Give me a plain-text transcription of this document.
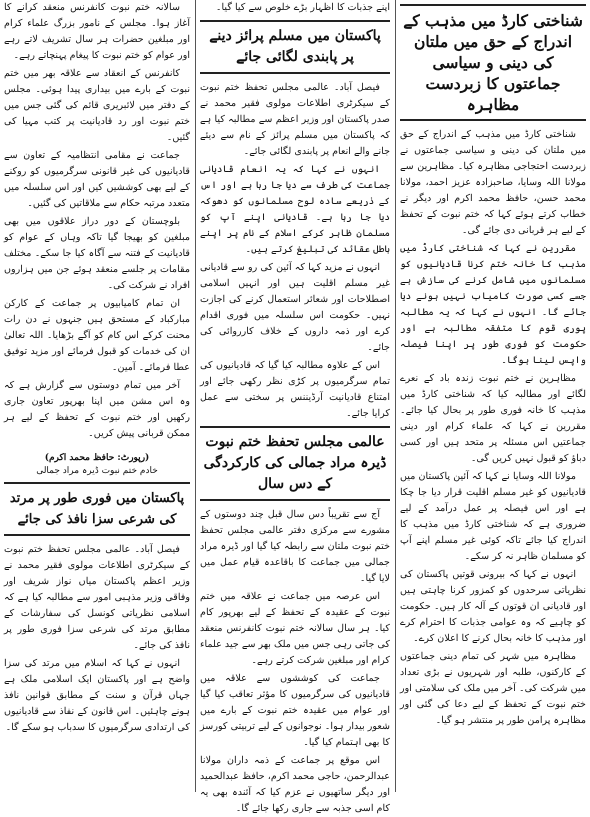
شناختی کارڈ میں مذہب کے اندراج کے حق میں ملتان کی دینی و سیاسی جماعتوں کا زبردست مظاہرہ

شناختی کارڈ میں مذہب کے اندراج کے حق میں ملتان کی دینی و سیاسی جماعتوں نے زبردست احتجاجی مظاہرہ کیا۔ مظاہرین سے مولانا اللہ وسایا، صاحبزادہ عزیز احمد، مولانا محمد حسن، حافظ محمد اکرم اور دیگر نے خطاب کرتے ہوئے کہا کہ ختم نبوت کے تحفظ کے لیے ہر قربانی دی جائے گی۔

مقررین نے کہا کہ شناختی کارڈ میں مذہب کا خانہ ختم کرنا قادیانیوں کو مسلمانوں میں شامل کرنے کی سازش ہے جسے کسی صورت کامیاب نہیں ہونے دیا جائے گا۔ انہوں نے کہا کہ یہ مطالبہ پوری قوم کا متفقہ مطالبہ ہے اور حکومت کو فوری طور پر اپنا فیصلہ واپس لینا ہوگا۔

مظاہرین نے ختم نبوت زندہ باد کے نعرے لگائے اور مطالبہ کیا کہ شناختی کارڈ میں مذہب کا خانہ فوری طور پر بحال کیا جائے۔ مقررین نے کہا کہ علماء کرام اور دینی جماعتیں اس مسئلہ پر متحد ہیں اور کسی دباؤ کو قبول نہیں کریں گی۔

مولانا اللہ وسایا نے کہا کہ آئین پاکستان میں قادیانیوں کو غیر مسلم اقلیت قرار دیا جا چکا ہے اور اس فیصلہ پر عمل درآمد کے لیے ضروری ہے کہ شناختی کارڈ میں مذہب کا اندراج کیا جائے تاکہ کوئی غیر مسلم اپنے آپ کو مسلمان ظاہر نہ کر سکے۔

انہوں نے کہا کہ بیرونی قوتیں پاکستان کی نظریاتی سرحدوں کو کمزور کرنا چاہتی ہیں اور قادیانی ان قوتوں کے آلہ کار ہیں۔ حکومت کو چاہیے کہ وہ عوامی جذبات کا احترام کرے اور مذہب کا خانہ بحال کرنے کا اعلان کرے۔

مظاہرہ میں شہر کی تمام دینی جماعتوں کے کارکنوں، طلبہ اور شہریوں نے بڑی تعداد میں شرکت کی۔ آخر میں ملک کی سلامتی اور ختم نبوت کے تحفظ کے لیے دعا کی گئی اور مظاہرہ پرامن طور پر منتشر ہو گیا۔

اپنے جذبات کا اظہار بڑے خلوص سے کیا گیا۔

پاکستان میں مسلم پرائز دینے پر پابندی لگائی جائے

فیصل آباد۔ عالمی مجلس تحفظ ختم نبوت کے سیکرٹری اطلاعات مولوی فقیر محمد نے صدر پاکستان اور وزیر اعظم سے مطالبہ کیا ہے کہ پاکستان میں مسلم پرائز کے نام سے دیئے جانے والے انعام پر پابندی لگائی جائے۔

انہوں نے کہا کہ یہ انعام قادیانی جماعت کی طرف سے دیا جا رہا ہے اور اس کے ذریعے سادہ لوح مسلمانوں کو دھوکہ دیا جا رہا ہے۔ قادیانی اپنے آپ کو مسلمان ظاہر کرکے اسلام کے نام پر اپنے باطل عقائد کی تبلیغ کرتے ہیں۔

انہوں نے مزید کہا کہ آئین کی رو سے قادیانی غیر مسلم اقلیت ہیں اور انہیں اسلامی اصطلاحات اور شعائر استعمال کرنے کی اجازت نہیں۔ حکومت اس سلسلہ میں فوری اقدام کرے اور ذمہ داروں کے خلاف کارروائی کی جائے۔

اس کے علاوہ مطالبہ کیا گیا کہ قادیانیوں کی تمام سرگرمیوں پر کڑی نظر رکھی جائے اور امتناع قادیانیت آرڈیننس پر سختی سے عمل کرایا جائے۔

عالمی مجلس تحفظ ختم نبوت ڈیرہ مراد جمالی کی کارکردگی کے دس سال

آج سے تقریباً دس سال قبل چند دوستوں کے مشورے سے مرکزی دفتر عالمی مجلس تحفظ ختم نبوت ملتان سے رابطہ کیا گیا اور ڈیرہ مراد جمالی میں جماعت کا باقاعدہ قیام عمل میں لایا گیا۔

اس عرصہ میں جماعت نے علاقہ میں ختم نبوت کے عقیدہ کے تحفظ کے لیے بھرپور کام کیا۔ ہر سال سالانہ ختم نبوت کانفرنس منعقد کی جاتی رہی جس میں ملک بھر سے جید علماء کرام اور مبلغین شرکت کرتے رہے۔

جماعت کی کوششوں سے علاقہ میں قادیانیوں کی سرگرمیوں کا مؤثر تعاقب کیا گیا اور عوام میں عقیدہ ختم نبوت کے بارے میں شعور بیدار ہوا۔ نوجوانوں کے لیے تربیتی کورسز کا بھی اہتمام کیا گیا۔

اس موقع پر جماعت کے ذمہ داران مولانا عبدالرحمن، حاجی محمد اکرم، حافظ عبدالحمید اور دیگر ساتھیوں نے عزم کیا کہ آئندہ بھی یہ کام اسی جذبہ سے جاری رکھا جائے گا۔

سالانہ ختم نبوت کانفرنس منعقد کرانے کا آغاز ہوا۔ مجلس کے نامور بزرگ علماء کرام اور مبلغین حضرات ہر سال تشریف لاتے رہے اور عوام کو ختم نبوت کا پیغام پہنچاتے رہے۔

کانفرنس کے انعقاد سے علاقہ بھر میں ختم نبوت کے بارے میں بیداری پیدا ہوئی۔ مجلس کے دفتر میں لائبریری قائم کی گئی جس میں ختم نبوت اور رد قادیانیت پر کتب مہیا کی گئیں۔

جماعت نے مقامی انتظامیہ کے تعاون سے قادیانیوں کی غیر قانونی سرگرمیوں کو روکنے کے لیے بھی کوششیں کیں اور اس سلسلہ میں متعدد مرتبہ حکام سے ملاقاتیں کی گئیں۔

بلوچستان کے دور دراز علاقوں میں بھی مبلغین کو بھیجا گیا تاکہ وہاں کے عوام کو قادیانیت کے فتنہ سے آگاہ کیا جا سکے۔ مختلف مقامات پر جلسے منعقد ہوئے جن میں ہزاروں افراد نے شرکت کی۔

ان تمام کامیابیوں پر جماعت کے کارکن مبارکباد کے مستحق ہیں جنہوں نے دن رات محنت کرکے اس کام کو آگے بڑھایا۔ اللہ تعالیٰ ان کی خدمات کو قبول فرمائے اور مزید توفیق عطا فرمائے۔ آمین۔

آخر میں تمام دوستوں سے گزارش ہے کہ وہ اس مشن میں اپنا بھرپور تعاون جاری رکھیں اور ختم نبوت کے تحفظ کے لیے ہر ممکن قربانی پیش کریں۔

(رپورٹ: حافظ محمد اکرم)
خادم ختم نبوت ڈیرہ مراد جمالی
پاکستان میں فوری طور پر مرتد کی شرعی سزا نافذ کی جائے

فیصل آباد۔ عالمی مجلس تحفظ ختم نبوت کے سیکرٹری اطلاعات مولوی فقیر محمد نے وزیر اعظم پاکستان میاں نواز شریف اور وفاقی وزیر مذہبی امور سے مطالبہ کیا ہے کہ اسلامی نظریاتی کونسل کی سفارشات کے مطابق مرتد کی شرعی سزا فوری طور پر نافذ کی جائے۔

انہوں نے کہا کہ اسلام میں مرتد کی سزا واضح ہے اور پاکستان ایک اسلامی ملک ہے جہاں قرآن و سنت کے مطابق قوانین نافذ ہونے چاہئیں۔ اس قانون کے نفاذ سے قادیانیوں کی ارتدادی سرگرمیوں کا سدباب ہو سکے گا۔
